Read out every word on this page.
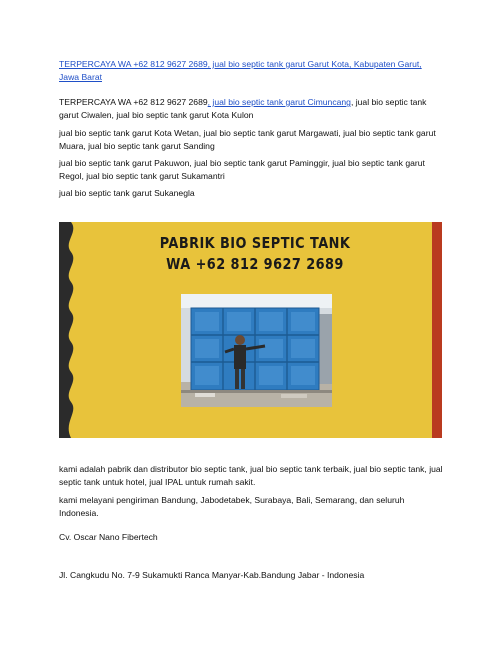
TERPERCAYA WA +62 812 9627 2689, jual bio septic tank garut Garut Kota, Kabupaten Garut, Jawa Barat

TERPERCAYA WA +62 812 9627 2689, jual bio septic tank garut Cimuncang, jual bio septic tank garut Ciwalen, jual bio septic tank garut Kota Kulon

jual bio septic tank garut Kota Wetan, jual bio septic tank garut Margawati, jual bio septic tank garut Muara, jual bio septic tank garut Sanding

jual bio septic tank garut Pakuwon, jual bio septic tank garut Paminggir, jual bio septic tank garut Regol, jual bio septic tank garut Sukamantri

jual bio septic tank garut Sukanegla

PABRIK BIO SEPTIC TANK
WA +62 812 9627 2689

kami adalah pabrik dan distributor bio septic tank, jual bio septic tank terbaik, jual bio septic tank, jual septic tank untuk hotel, jual IPAL untuk rumah sakit.

kami melayani pengiriman Bandung, Jabodetabek, Surabaya, Bali, Semarang, dan seluruh Indonesia.

Cv. Oscar Nano Fibertech

Jl. Cangkudu No. 7-9 Sukamukti Ranca Manyar-Kab.Bandung Jabar - Indonesia
